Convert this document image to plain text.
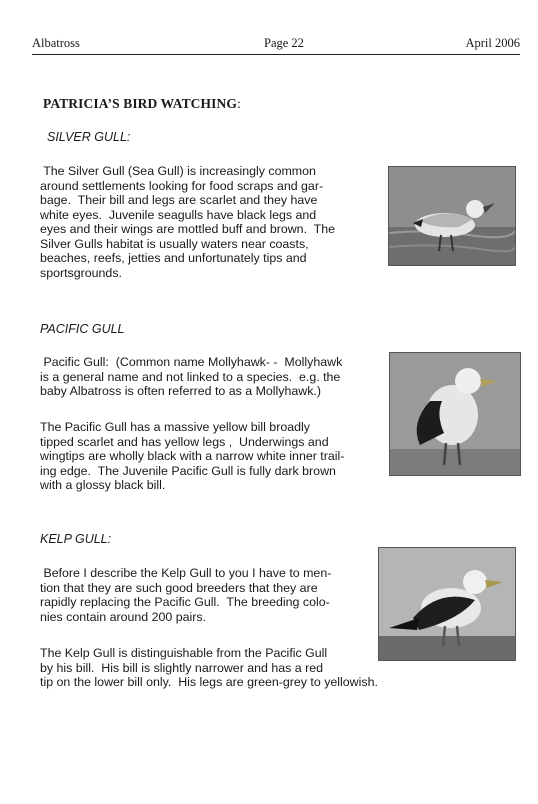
Albatross	Page 22	April 2006
PATRICIA’S BIRD WATCHING:
SILVER GULL:
The Silver Gull (Sea Gull) is increasingly common
around settlements looking for food scraps and gar-
bage.  Their bill and legs are scarlet and they have
white eyes.  Juvenile seagulls have black legs and
eyes and their wings are mottled buff and brown.  The
Silver Gulls habitat is usually waters near coasts,
beaches, reefs, jetties and unfortunately tips and
sportsgrounds.
PACIFIC GULL
Pacific Gull:  (Common name Mollyhawk- -  Mollyhawk
is a general name and not linked to a species.  e.g. the
baby Albatross is often referred to as a Mollyhawk.)
The Pacific Gull has a massive yellow bill broadly
tipped scarlet and has yellow legs ,  Underwings and
wingtips are wholly black with a narrow white inner trail-
ing edge.  The Juvenile Pacific Gull is fully dark brown
with a glossy black bill.
KELP GULL:
Before I describe the Kelp Gull to you I have to men-
tion that they are such good breeders that they are
rapidly replacing the Pacific Gull.  The breeding colo-
nies contain around 200 pairs.
The Kelp Gull is distinguishable from the Pacific Gull
by his bill.  His bill is slightly narrower and has a red
tip on the lower bill only.  His legs are green-grey to yellowish.
